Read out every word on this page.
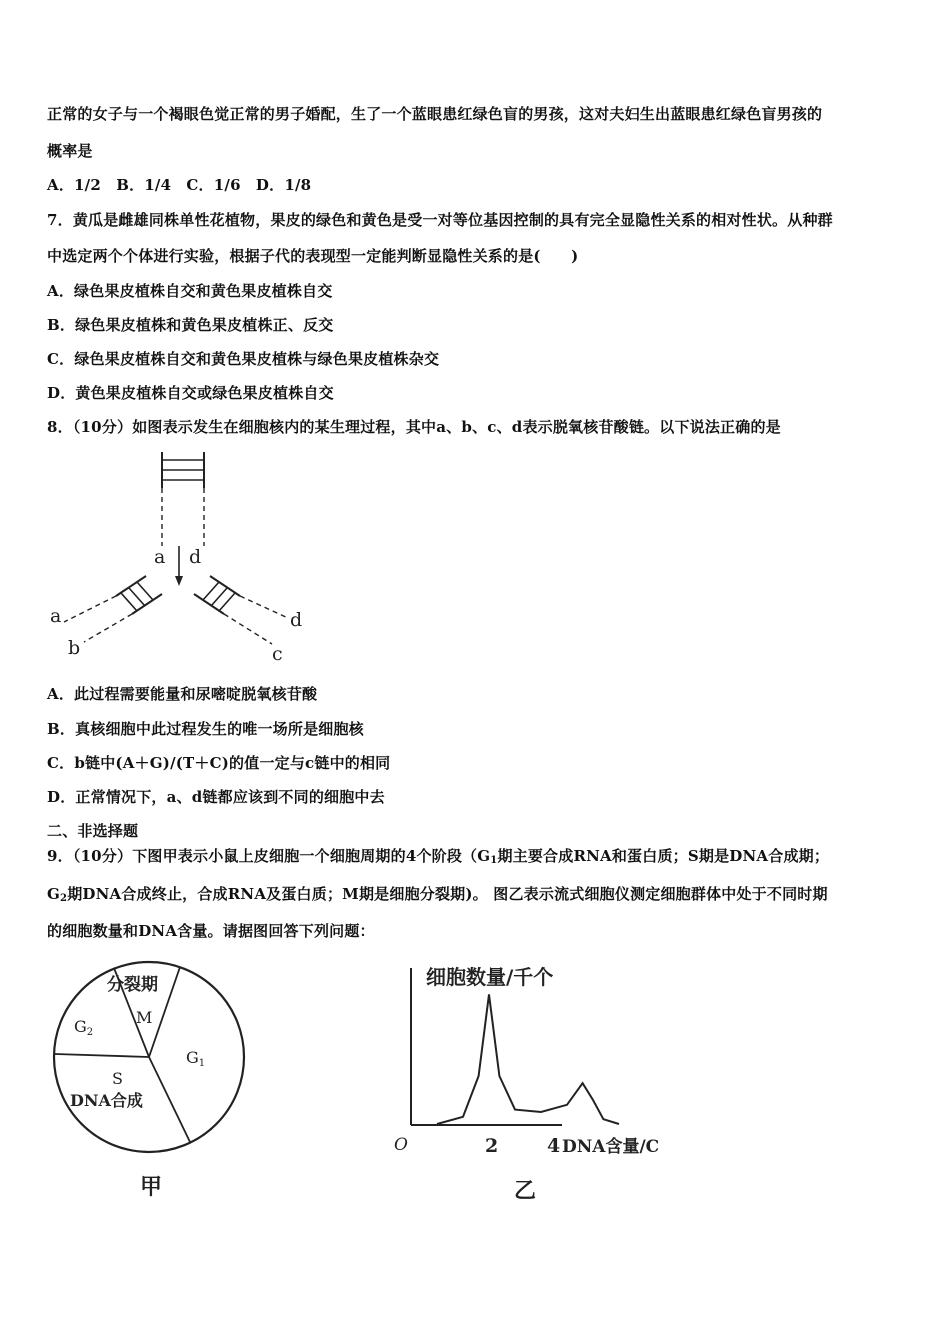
正常的女子与一个褐眼色觉正常的男子婚配，生了一个蓝眼患红绿色盲的男孩，这对夫妇生出蓝眼患红绿色盲男孩的
概率是
A．1/2　B．1/4　C．1/6　D．1/8
7．黄瓜是雌雄同株单性花植物，果皮的绿色和黄色是受一对等位基因控制的具有完全显隐性关系的相对性状。从种群
中选定两个个体进行实验，根据子代的表现型一定能判断显隐性关系的是(　　)
A．绿色果皮植株自交和黄色果皮植株自交
B．绿色果皮植株和黄色果皮植株正、反交
C．绿色果皮植株自交和黄色果皮植株与绿色果皮植株杂交
D．黄色果皮植株自交或绿色果皮植株自交
8．（10分）如图表示发生在细胞核内的某生理过程，其中a、b、c、d表示脱氧核苷酸链。以下说法正确的是
a d
a
b
d
c
A．此过程需要能量和尿嘧啶脱氧核苷酸
B．真核细胞中此过程发生的唯一场所是细胞核
C．b链中(A＋G)/(T＋C)的值一定与c链中的相同
D．正常情况下，a、d链都应该到不同的细胞中去
二、非选择题
9．（10分）下图甲表示小鼠上皮细胞一个细胞周期的4个阶段（$G_1$期主要合成RNA和蛋白质；S期是DNA合成期；
$G_2$期DNA合成终止，合成RNA及蛋白质；M期是细胞分裂期)。 图乙表示流式细胞仪测定细胞群体中处于不同时期
的细胞数量和DNA含量。请据图回答下列问题：
分裂期
M
G2
G1
S
DNA合成
甲
细胞数量/千个
O	2	4 DNA含量/C
乙
